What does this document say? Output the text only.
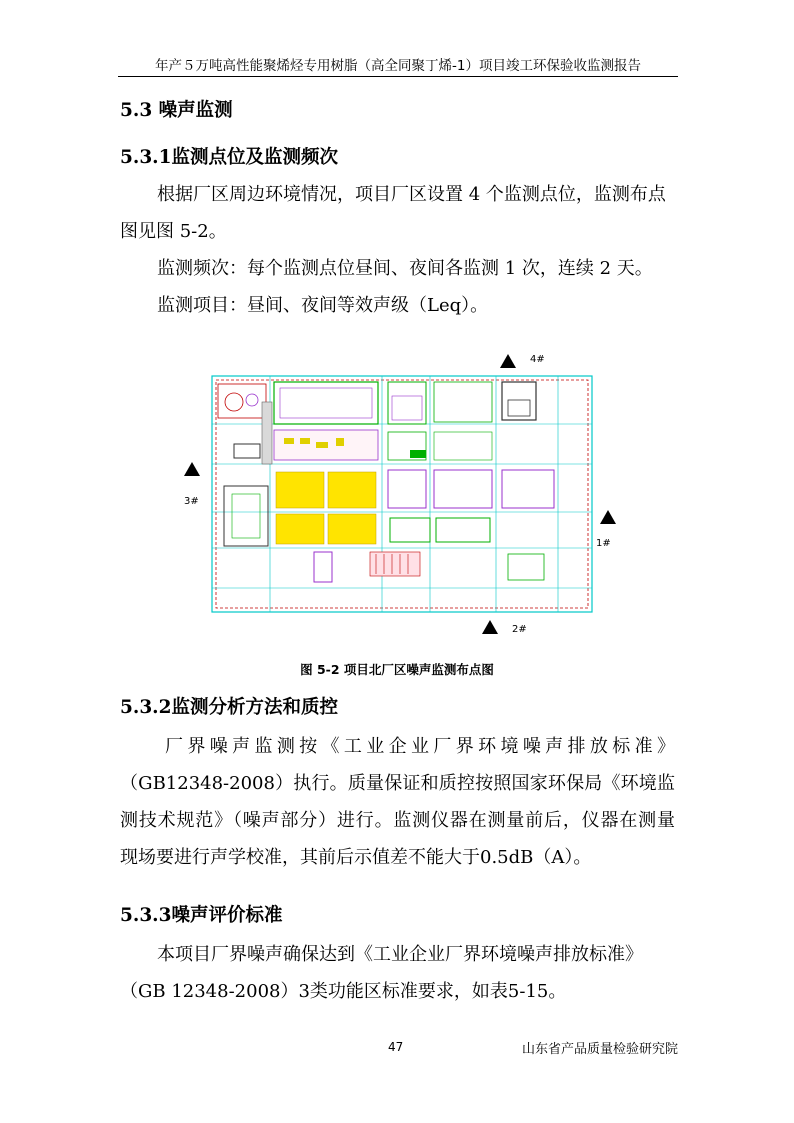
年产５万吨高性能聚烯烃专用树脂（高全同聚丁烯-1）项目竣工环保验收监测报告
5.3 噪声监测
5.3.1监测点位及监测频次

根据厂区周边环境情况，项目厂区设置 4 个监测点位，监测布点

图见图 5-2。

监测频次：每个监测点位昼间、夜间各监测 1 次，连续 2 天。

监测项目：昼间、夜间等效声级（Leq）。

4#
3#
1#
2#
图 5-2 项目北厂区噪声监测布点图
5.3.2监测分析方法和质控

厂界噪声监测按《工业企业厂界环境噪声排放标准》

（GB12348-2008）执行。质量保证和质控按照国家环保局《环境监

测技术规范》（噪声部分）进行。监测仪器在测量前后，仪器在测量

现场要进行声学校准，其前后示值差不能大于0.5dB（A）。

5.3.3噪声评价标准

本项目厂界噪声确保达到《工业企业厂界环境噪声排放标准》

（GB 12348-2008）3类功能区标准要求，如表5-15。

47	山东省产品质量检验研究院
